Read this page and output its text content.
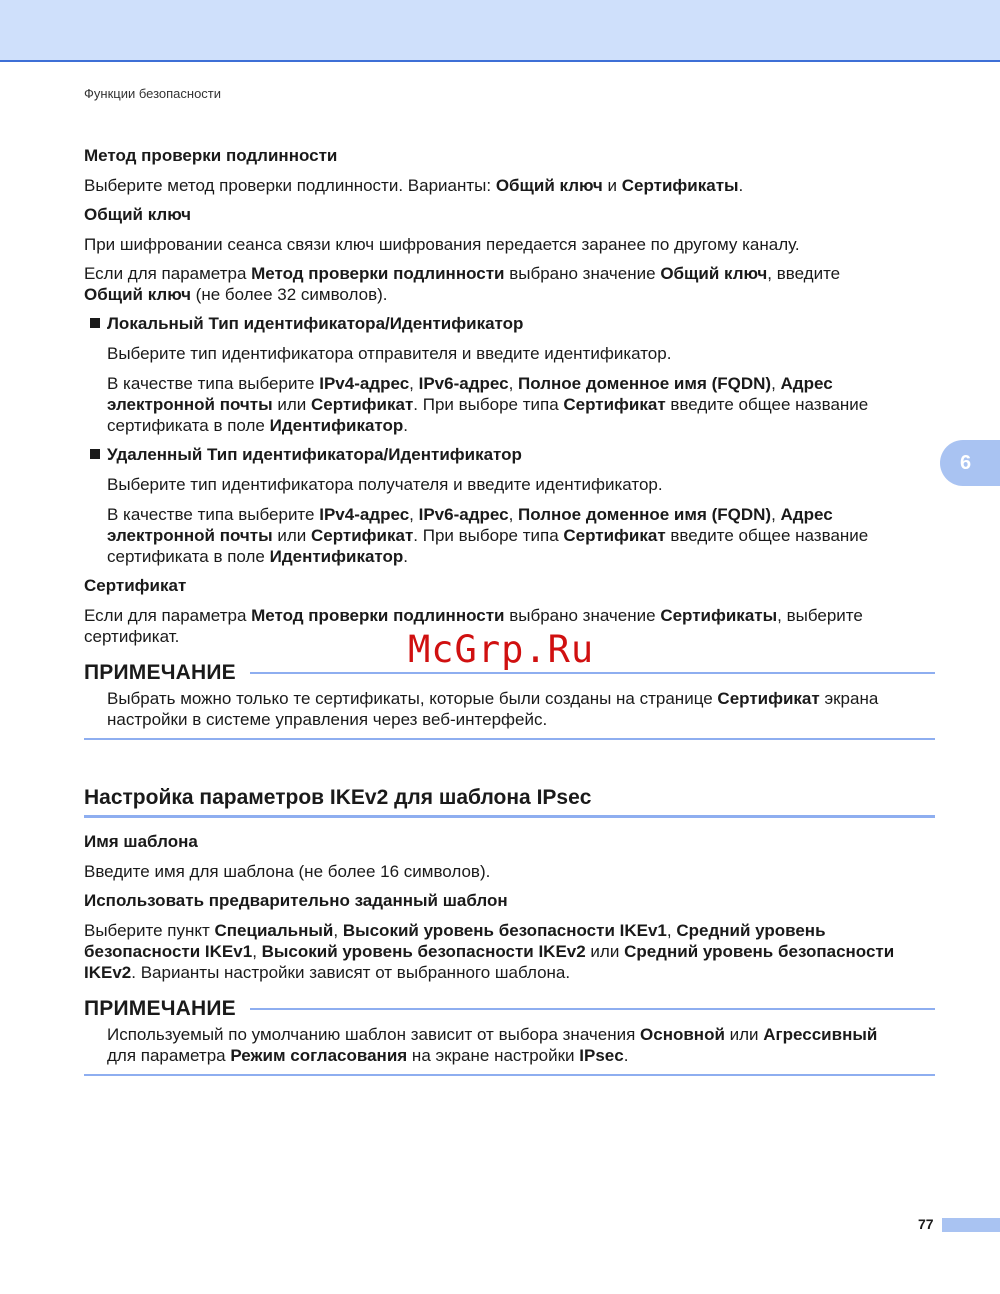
Функции безопасности
6
Метод проверки подлинности
Выберите метод проверки подлинности. Варианты: Общий ключ и Сертификаты.
Общий ключ
При шифровании сеанса связи ключ шифрования передается заранее по другому каналу.
Если для параметра Метод проверки подлинности выбрано значение Общий ключ, введите
Общий ключ (не более 32 символов).
Локальный Тип идентификатора/Идентификатор
Выберите тип идентификатора отправителя и введите идентификатор.
В качестве типа выберите IPv4-адрес, IPv6-адрес, Полное доменное имя (FQDN), Адрес
электронной почты или Сертификат. При выборе типа Сертификат введите общее название
сертификата в поле Идентификатор.
Удаленный Тип идентификатора/Идентификатор
Выберите тип идентификатора получателя и введите идентификатор.
В качестве типа выберите IPv4-адрес, IPv6-адрес, Полное доменное имя (FQDN), Адрес
электронной почты или Сертификат. При выборе типа Сертификат введите общее название
сертификата в поле Идентификатор.
Сертификат
Если для параметра Метод проверки подлинности выбрано значение Сертификаты, выберите
сертификат.	McGrp.Ru
ПРИМЕЧАНИЕ
Выбрать можно только те сертификаты, которые были созданы на странице Сертификат экрана
настройки в системе управления через веб-интерфейс.
Настройка параметров IKEv2 для шаблона IPsec
Имя шаблона
Введите имя для шаблона (не более 16 символов).
Использовать предварительно заданный шаблон
Выберите пункт Специальный, Высокий уровень безопасности IKEv1, Средний уровень
безопасности IKEv1, Высокий уровень безопасности IKEv2 или Средний уровень безопасности
IKEv2. Варианты настройки зависят от выбранного шаблона.
ПРИМЕЧАНИЕ
Используемый по умолчанию шаблон зависит от выбора значения Основной или Агрессивный
для параметра Режим согласования на экране настройки IPsec.
77
